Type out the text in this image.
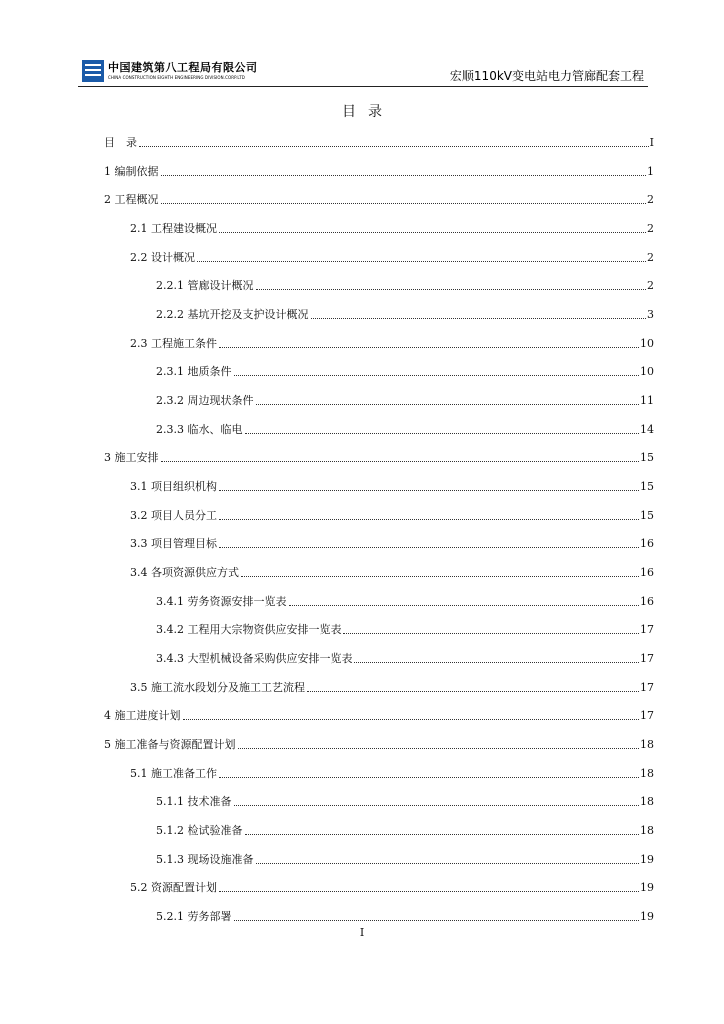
中国建筑第八工程局有限公司
CHINA CONSTRUCTION EIGHTH ENGINEERING DIVISION.CORP.LTD	宏顺110kV变电站电力管廊配套工程
目录
目　录	I
1 编制依据	1
2 工程概况	2
2.1 工程建设概况	2
2.2 设计概况	2
2.2.1 管廊设计概况	2
2.2.2 基坑开挖及支护设计概况	3
2.3 工程施工条件	10
2.3.1 地质条件	10
2.3.2 周边现状条件	11
2.3.3 临水、临电	14
3 施工安排	15
3.1 项目组织机构	15
3.2 项目人员分工	15
3.3 项目管理目标	16
3.4 各项资源供应方式	16
3.4.1 劳务资源安排一览表	16
3.4.2 工程用大宗物资供应安排一览表	17
3.4.3 大型机械设备采购供应安排一览表	17
3.5 施工流水段划分及施工工艺流程	17
4 施工进度计划	17
5 施工准备与资源配置计划	18
5.1 施工准备工作	18
5.1.1 技术准备	18
5.1.2 检试验准备	18
5.1.3 现场设施准备	19
5.2 资源配置计划	19
5.2.1 劳务部署	19
I
